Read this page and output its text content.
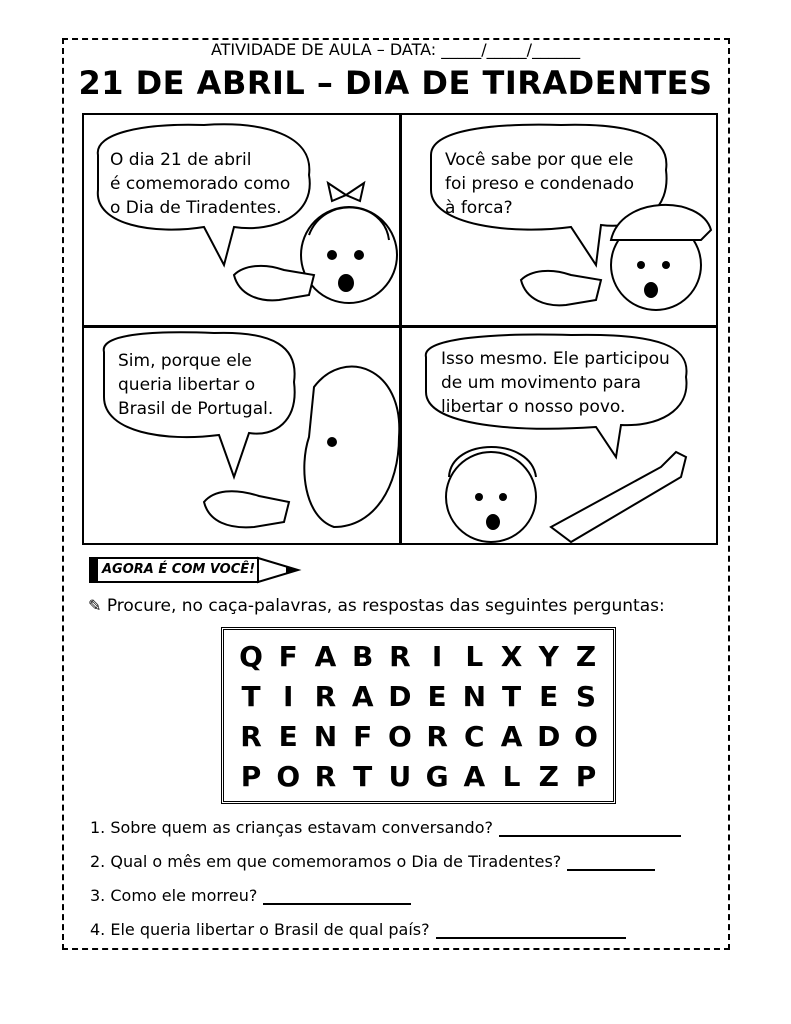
ATIVIDADE DE AULA – DATA: _____/_____/______
21 DE ABRIL – DIA DE TIRADENTES
O dia 21 de abril
é comemorado como
o Dia de Tiradentes.
Você sabe por que ele
foi preso e condenado
à forca?
Sim, porque ele
queria libertar o
Brasil de Portugal.
Isso mesmo. Ele participou
de um movimento para
libertar o nosso povo.
AGORA É COM VOCÊ!
✎ Procure, no caça-palavras, as respostas das seguintes perguntas:
Q F A B R I L X Y Z
T I R A D E N T E S
R E N F O R C A D O
P O R T U G A L Z P
1. Sobre quem as crianças estavam conversando?
2. Qual o mês em que comemoramos o Dia de Tiradentes?
3. Como ele morreu?
4. Ele queria libertar o Brasil de qual país?
